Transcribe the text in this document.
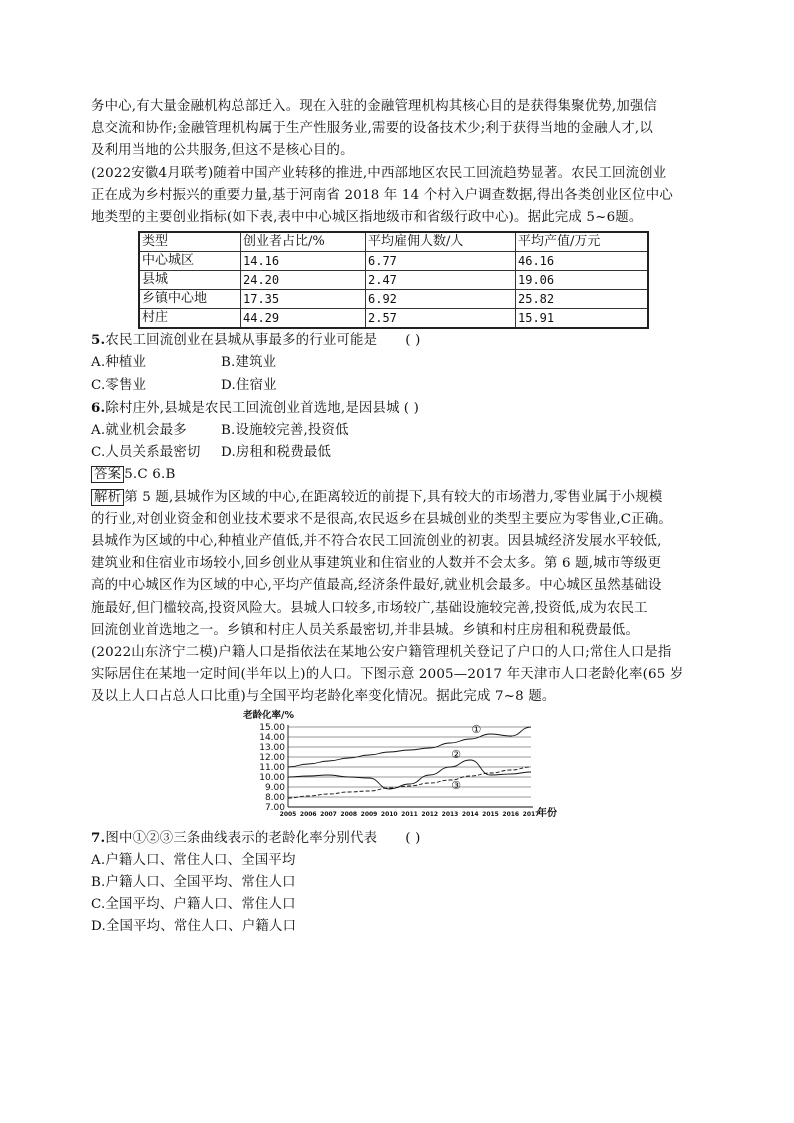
务中心,有大量金融机构总部迁入。现在入驻的金融管理机构其核心目的是获得集聚优势,加强信

息交流和协作;金融管理机构属于生产性服务业,需要的设备技术少;利于获得当地的金融人才,以

及利用当地的公共服务,但这不是核心目的。

(2022安徽4月联考)随着中国产业转移的推进,中西部地区农民工回流趋势显著。农民工回流创业

正在成为乡村振兴的重要力量,基于河南省 2018 年 14 个村入户调查数据,得出各类创业区位中心

地类型的主要创业指标(如下表,表中中心城区指地级市和省级行政中心)。据此完成 5~6题。

类型	创业者占比/%	平均雇佣人数/人	平均产值/万元
中心城区	14.16	6.77	46.16
县城	24.20	2.47	19.06
乡镇中心地	17.35	6.92	25.82
村庄	44.29	2.57	15.91

5.农民工回流创业在县城从事最多的行业可能是 ( )

A.种植业	B.建筑业

C.零售业	D.住宿业

6.除村庄外,县城是农民工回流创业首选地,是因县城 ( )

A.就业机会最多	B.设施较完善,投资低

C.人员关系最密切	D.房租和税费最低

答案 5.C 6.B

解析 第 5 题,县城作为区域的中心,在距离较近的前提下,具有较大的市场潜力,零售业属于小规模

的行业,对创业资金和创业技术要求不是很高,农民返乡在县城创业的类型主要应为零售业,C正确。

县城作为区域的中心,种植业产值低,并不符合农民工回流创业的初衷。因县城经济发展水平较低,

建筑业和住宿业市场较小,回乡创业从事建筑业和住宿业的人数并不会太多。第 6 题,城市等级更

高的中心城区作为区域的中心,平均产值最高,经济条件最好,就业机会最多。中心城区虽然基础设

施最好,但门槛较高,投资风险大。县城人口较多,市场较广,基础设施较完善,投资低,成为农民工

回流创业首选地之一。乡镇和村庄人员关系最密切,并非县城。乡镇和村庄房租和税费最低。

(2022山东济宁二模)户籍人口是指依法在某地公安户籍管理机关登记了户口的人口;常住人口是指

实际居住在某地一定时间(半年以上)的人口。下图示意 2005—2017 年天津市人口老龄化率(65 岁

及以上人口占总人口比重)与全国平均老龄化率变化情况。据此完成 7~8 题。

老龄化率/%
15.00
14.00
13.00
12.00
11.00
10.00
9.00
8.00
7.00
2005 2006 2007 2008 2009 2010 2011 2012 2013 2014 2015 2016 2017
年份
①
②
③

7.图中①②③三条曲线表示的老龄化率分别代表 ( )

A.户籍人口、常住人口、全国平均

B.户籍人口、全国平均、常住人口

C.全国平均、户籍人口、常住人口

D.全国平均、常住人口、户籍人口
